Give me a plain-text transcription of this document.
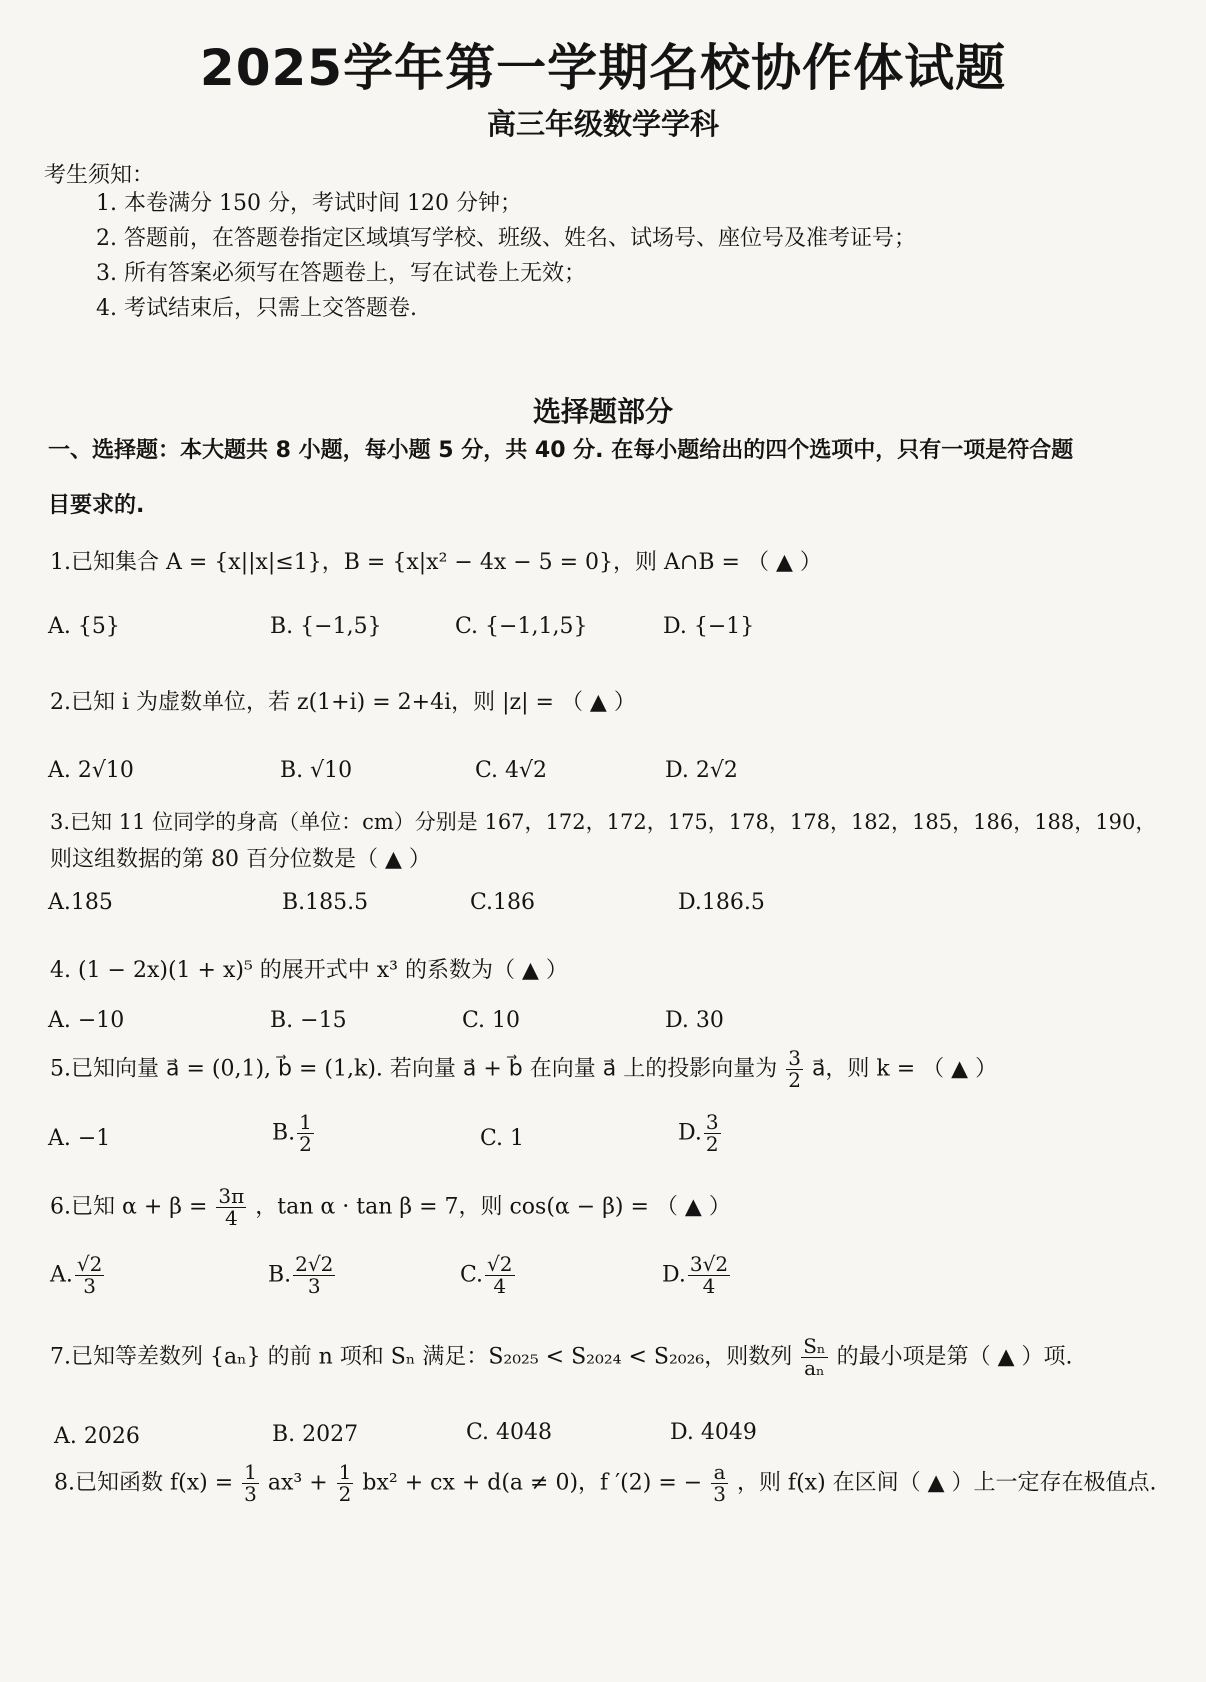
2025学年第一学期名校协作体试题
高三年级数学学科
考生须知：
1. 本卷满分 150 分，考试时间 120 分钟；
2. 答题前，在答题卷指定区域填写学校、班级、姓名、试场号、座位号及准考证号；
3. 所有答案必须写在答题卷上，写在试卷上无效；
4. 考试结束后，只需上交答题卷.
选择题部分
一、选择题：本大题共 8 小题，每小题 5 分，共 40 分. 在每小题给出的四个选项中，只有一项是符合题
目要求的.
1.已知集合 A = {x||x|≤1}，B = {x|x² − 4x − 5 = 0}，则 A∩B = （ ▲ ）
A. {5}	B. {−1,5}	C. {−1,1,5}	D. {−1}
2.已知 i 为虚数单位，若 z(1+i) = 2+4i，则 |z| = （ ▲ ）
A. 2√10	B. √10	C. 4√2	D. 2√2
3.已知 11 位同学的身高（单位：cm）分别是 167，172，172，175，178，178，182，185，186，188，190，
则这组数据的第 80 百分位数是（ ▲ ）
A.185	B.185.5	C.186	D.186.5
4. (1 − 2x)(1 + x)⁵ 的展开式中 x³ 的系数为（ ▲ ）
A. −10	B. −15	C. 10	D. 30
5.已知向量 a⃗ = (0,1), b⃗ = (1,k). 若向量 a⃗ + b⃗ 在向量 a⃗ 上的投影向量为 $\frac{3}{2}$ a⃗，则 k = （ ▲ ）
A. −1	B. $\frac{1}{2}$	C. 1	D. $\frac{3}{2}$
6.已知 $\alpha + \beta = \frac{3\pi}{4}$ ，tan α · tan β = 7，则 cos(α − β) = （ ▲ ）
A. $\frac{√2}{3}$	B. $\frac{2√2}{3}$	C. $\frac{√2}{4}$	D. $\frac{3√2}{4}$
7.已知等差数列 {aₙ} 的前 n 项和 Sₙ 满足：S₂₀₂₅ < S₂₀₂₄ < S₂₀₂₆，则数列 $\frac{\text{Sₙ}}{\text{aₙ}}$ 的最小项是第（ ▲ ）项.
A. 2026	B. 2027	C. 4048	D. 4049
8.已知函数 $f(x) = \frac{1}{3} ax^3 + \frac{1}{2} bx^2$ + cx + d(a ≠ 0)，f ′(2) = − $\frac{a}{3}$ ，则 f(x) 在区间（ ▲ ）上一定存在极值点.
